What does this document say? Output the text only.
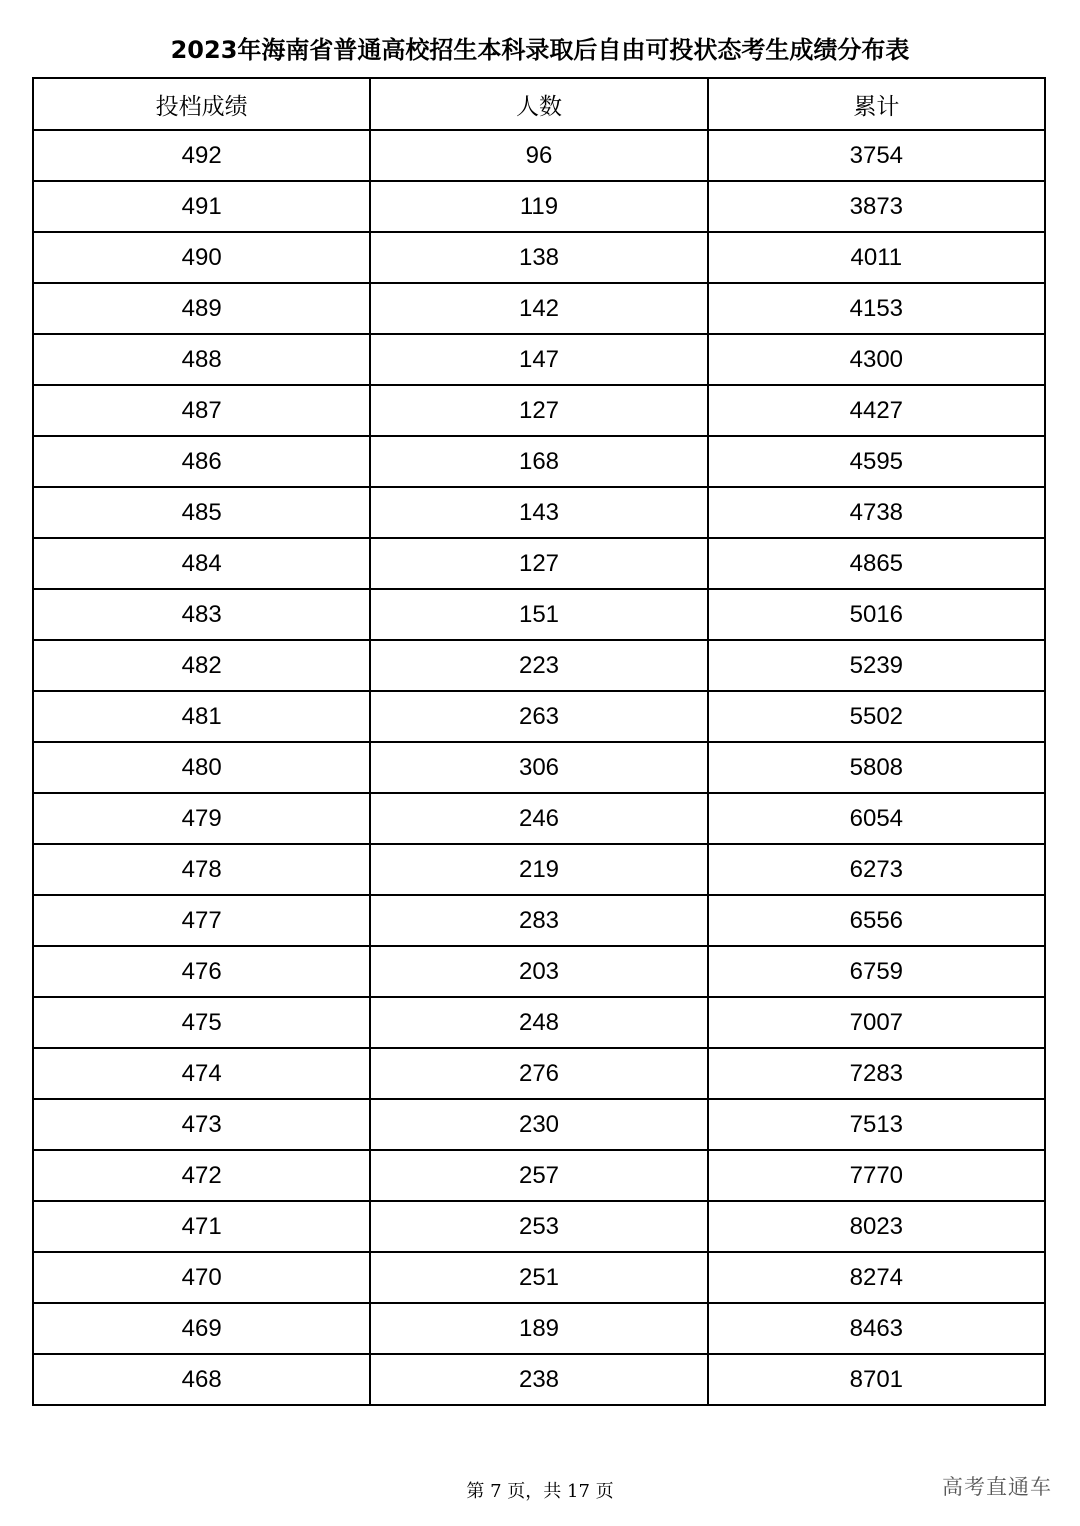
2023年海南省普通高校招生本科录取后自由可投状态考生成绩分布表
投档成绩	人数	累计
492	96	3754
491	119	3873
490	138	4011
489	142	4153
488	147	4300
487	127	4427
486	168	4595
485	143	4738
484	127	4865
483	151	5016
482	223	5239
481	263	5502
480	306	5808
479	246	6054
478	219	6273
477	283	6556
476	203	6759
475	248	7007
474	276	7283
473	230	7513
472	257	7770
471	253	8023
470	251	8274
469	189	8463
468	238	8701
第 7 页，共 17 页	高考直通车
